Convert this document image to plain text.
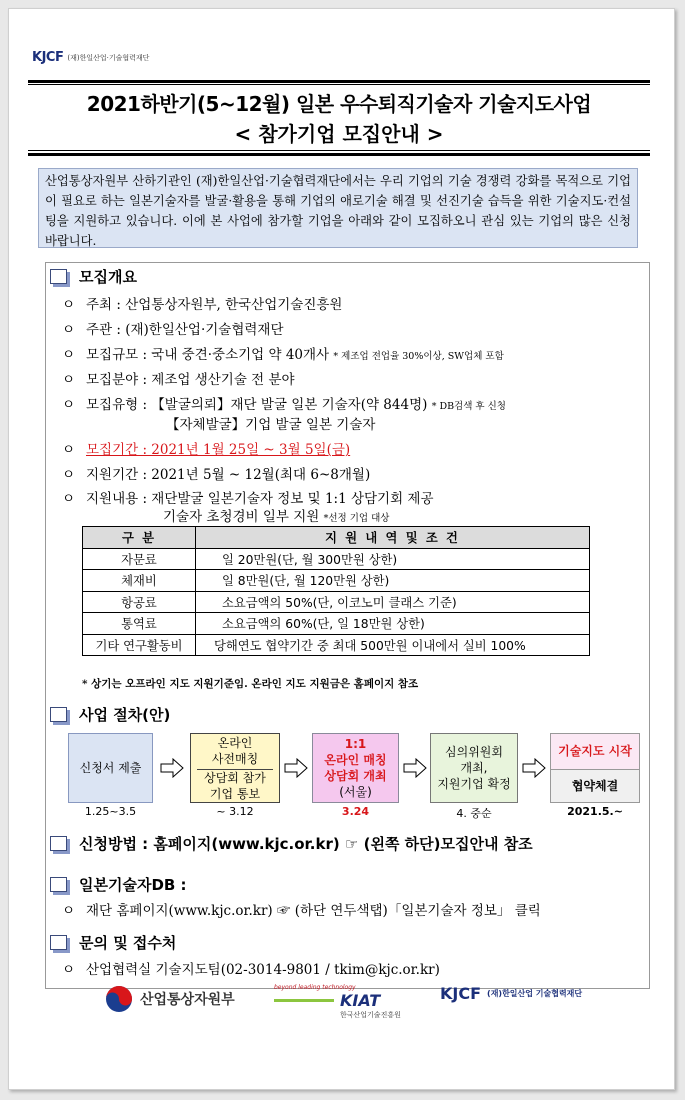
KJCF (재)한일산업·기술협력재단
2021하반기(5~12월) 일본 우수퇴직기술자 기술지도사업
< 참가기업 모집안내 >
산업통상자원부 산하기관인 (재)한일산업·기술협력재단에서는 우리 기업의 기술 경쟁력 강화를 목적으로 기업이 필요로 하는 일본기술자를 발굴·활용을 통해 기업의 애로기술 해결 및 선진기술 습득을 위한 기술지도·컨설팅을 지원하고 있습니다. 이에 본 사업에 참가할 기업을 아래와 같이 모집하오니 관심 있는 기업의 많은 신청 바랍니다.
모집개요
ㅇ 주최 : 산업통상자원부, 한국산업기술진흥원
ㅇ 주관 : (재)한일산업·기술협력재단
ㅇ 모집규모 : 국내 중견·중소기업 약 40개사 * 제조업 전업율 30%이상, SW업체 포함
ㅇ 모집분야 : 제조업 생산기술 전 분야
ㅇ 모집유형 : 【발굴의뢰】재단 발굴 일본 기술자(약 844명) * DB검색 후 신청
【자체발굴】기업 발굴 일본 기술자
ㅇ 모집기간 : 2021년 1월 25일 ~ 3월 5일(금)
ㅇ 지원기간 : 2021년 5월 ~ 12월(최대 6~8개월)
ㅇ 지원내용 : 재단발굴 일본기술자 정보 및 1:1 상담기회 제공
기술자 초청경비 일부 지원 *선정 기업 대상
구 분	지 원 내 역 및 조 건
자문료	일 20만원(단, 월 300만원 상한)
체재비	일 8만원(단, 월 120만원 상한)
항공료	소요금액의 50%(단, 이코노미 클래스 기준)
통역료	소요금액의 60%(단, 일 18만원 상한)
기타 연구활동비	당해연도 협약기간 중 최대 500만원 이내에서 실비 100%
* 상기는 오프라인 지도 지원기준임. 온라인 지도 지원금은 홈페이지 참조
사업 절차(안)
신청서 제출
온라인
사전매칭
상담회 참가
기업 통보
1:1
온라인 매칭
상담회 개최
(서울)
심의위원회
개최,
지원기업 확정
기술지도 시작
협약체결
1.25~3.5	~ 3.12	3.24	4. 중순	2021.5.~
신청방법 : 홈페이지(www.kjc.or.kr) ☞ (왼쪽 하단)모집안내 참조
일본기술자DB :
ㅇ 재단 홈페이지(www.kjc.or.kr) ☞ (하단 연두색탭)「일본기술자 정보」 클릭
문의 및 접수처
ㅇ 산업협력실 기술지도팀(02-3014-9801 / tkim@kjc.or.kr)
산업통상자원부
beyond leading technology
KIAT
한국산업기술진흥원
KJCF (재)한일산업 기술협력재단
